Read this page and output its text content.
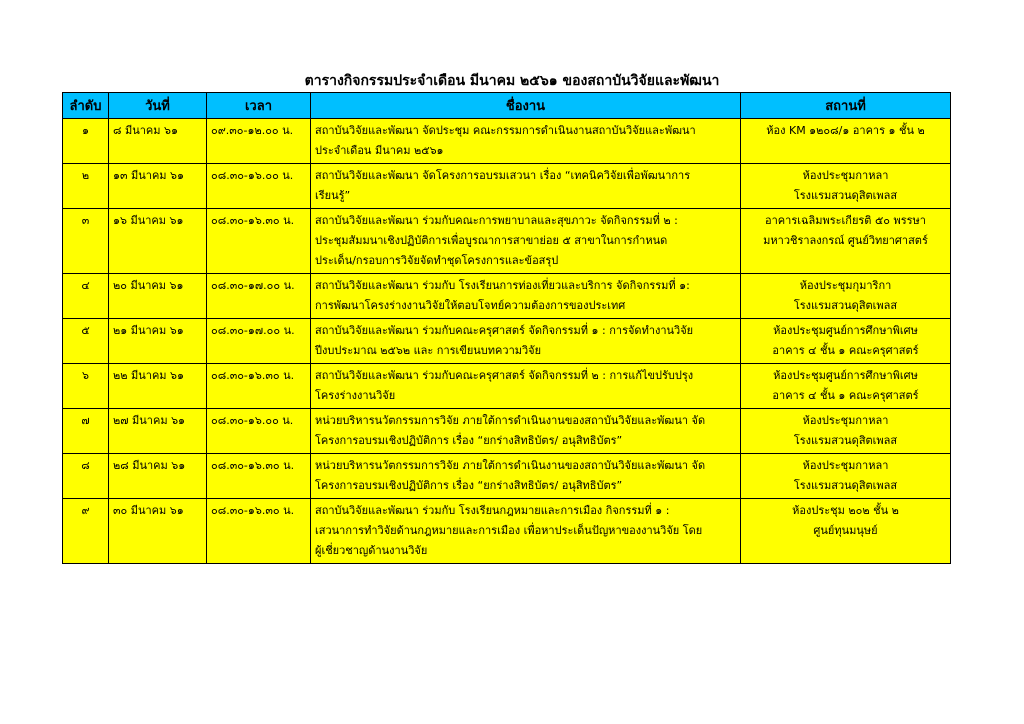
ตารางกิจกรรมประจำเดือน มีนาคม ๒๕๖๑ ของสถาบันวิจัยและพัฒนา
ลำดับ	วันที่	เวลา	ชื่องาน	สถานที่
๑	๘ มีนาคม ๖๑	๐๙.๓๐-๑๒.๐๐ น.	สถาบันวิจัยและพัฒนา จัดประชุม คณะกรรมการดำเนินงานสถาบันวิจัยและพัฒนา
ประจำเดือน มีนาคม ๒๕๖๑	ห้อง KM ๑๒๐๘/๑ อาคาร ๑ ชั้น ๒

๒	๑๓ มีนาคม ๖๑	๐๘.๓๐-๑๖.๐๐ น.	สถาบันวิจัยและพัฒนา จัดโครงการอบรมเสวนา เรื่อง “เทคนิควิจัยเพื่อพัฒนาการ
เรียนรู้”	ห้องประชุมกาหลา
โรงแรมสวนดุสิตเพลส

๓	๑๖ มีนาคม ๖๑	๐๘.๓๐-๑๖.๓๐ น.	สถาบันวิจัยและพัฒนา ร่วมกับคณะการพยาบาลและสุขภาวะ จัดกิจกรรมที่ ๒ :
ประชุมสัมมนาเชิงปฏิบัติการเพื่อบูรณาการสาขาย่อย ๕ สาขาในการกำหนด
ประเด็น/กรอบการวิจัยจัดทำชุดโครงการและข้อสรุป	อาคารเฉลิมพระเกียรติ ๕๐ พรรษา
มหาวชิราลงกรณ์ ศูนย์วิทยาศาสตร์

๔	๒๐ มีนาคม ๖๑	๐๘.๓๐-๑๗.๐๐ น.	สถาบันวิจัยและพัฒนา ร่วมกับ โรงเรียนการท่องเที่ยวและบริการ จัดกิจกรรมที่ ๑:
การพัฒนาโครงร่างงานวิจัยให้ตอบโจทย์ความต้องการของประเทศ	ห้องประชุมกุมาริกา
โรงแรมสวนดุสิตเพลส

๕	๒๑ มีนาคม ๖๑	๐๘.๓๐-๑๗.๐๐ น.	สถาบันวิจัยและพัฒนา ร่วมกับคณะครุศาสตร์ จัดกิจกรรมที่ ๑ : การจัดทำงานวิจัย
ปีงบประมาณ ๒๕๖๒ และ การเขียนบทความวิจัย	ห้องประชุมศูนย์การศึกษาพิเศษ
อาคาร ๔ ชั้น ๑ คณะครุศาสตร์

๖	๒๒ มีนาคม ๖๑	๐๘.๓๐-๑๖.๓๐ น.	สถาบันวิจัยและพัฒนา ร่วมกับคณะครุศาสตร์ จัดกิจกรรมที่ ๒ : การแก้ไขปรับปรุง
โครงร่างงานวิจัย	ห้องประชุมศูนย์การศึกษาพิเศษ
อาคาร ๔ ชั้น ๑ คณะครุศาสตร์

๗	๒๗ มีนาคม ๖๑	๐๘.๓๐-๑๖.๐๐ น.	หน่วยบริหารนวัตกรรมการวิจัย ภายใต้การดำเนินงานของสถาบันวิจัยและพัฒนา จัด
โครงการอบรมเชิงปฏิบัติการ เรื่อง “ยกร่างสิทธิบัตร/ อนุสิทธิบัตร”	ห้องประชุมกาหลา
โรงแรมสวนดุสิตเพลส

๘	๒๘ มีนาคม ๖๑	๐๘.๓๐-๑๖.๓๐ น.	หน่วยบริหารนวัตกรรมการวิจัย ภายใต้การดำเนินงานของสถาบันวิจัยและพัฒนา จัด
โครงการอบรมเชิงปฏิบัติการ เรื่อง “ยกร่างสิทธิบัตร/ อนุสิทธิบัตร”	ห้องประชุมกาหลา
โรงแรมสวนดุสิตเพลส

๙	๓๐ มีนาคม ๖๑	๐๘.๓๐-๑๖.๓๐ น.	สถาบันวิจัยและพัฒนา ร่วมกับ โรงเรียนกฎหมายและการเมือง กิจกรรมที่ ๑ :
เสวนาการทำวิจัยด้านกฎหมายและการเมือง เพื่อหาประเด็นปัญหาของงานวิจัย โดย
ผู้เชี่ยวชาญด้านงานวิจัย	ห้องประชุม ๒๐๒ ชั้น ๒
ศูนย์ทุนมนุษย์
